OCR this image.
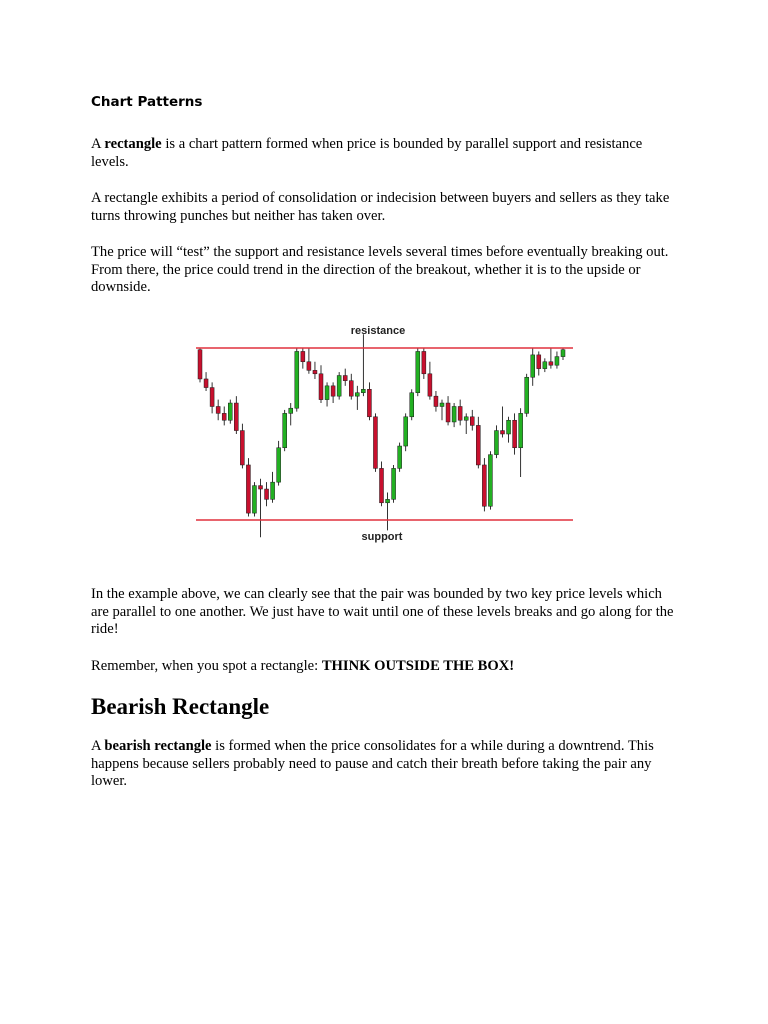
Chart Patterns

A rectangle is a chart pattern formed when price is bounded by parallel support and resistance levels.

A rectangle exhibits a period of consolidation or indecision between buyers and sellers as they take turns throwing punches but neither has taken over.

The price will “test” the support and resistance levels several times before eventually breaking out. From there, the price could trend in the direction of the breakout, whether it is to the upside or downside.

resistance
support

In the example above, we can clearly see that the pair was bounded by two key price levels which are parallel to one another. We just have to wait until one of these levels breaks and go along for the ride!

Remember, when you spot a rectangle: THINK OUTSIDE THE BOX!

Bearish Rectangle

A bearish rectangle is formed when the price consolidates for a while during a downtrend. This happens because sellers probably need to pause and catch their breath before taking the pair any lower.
